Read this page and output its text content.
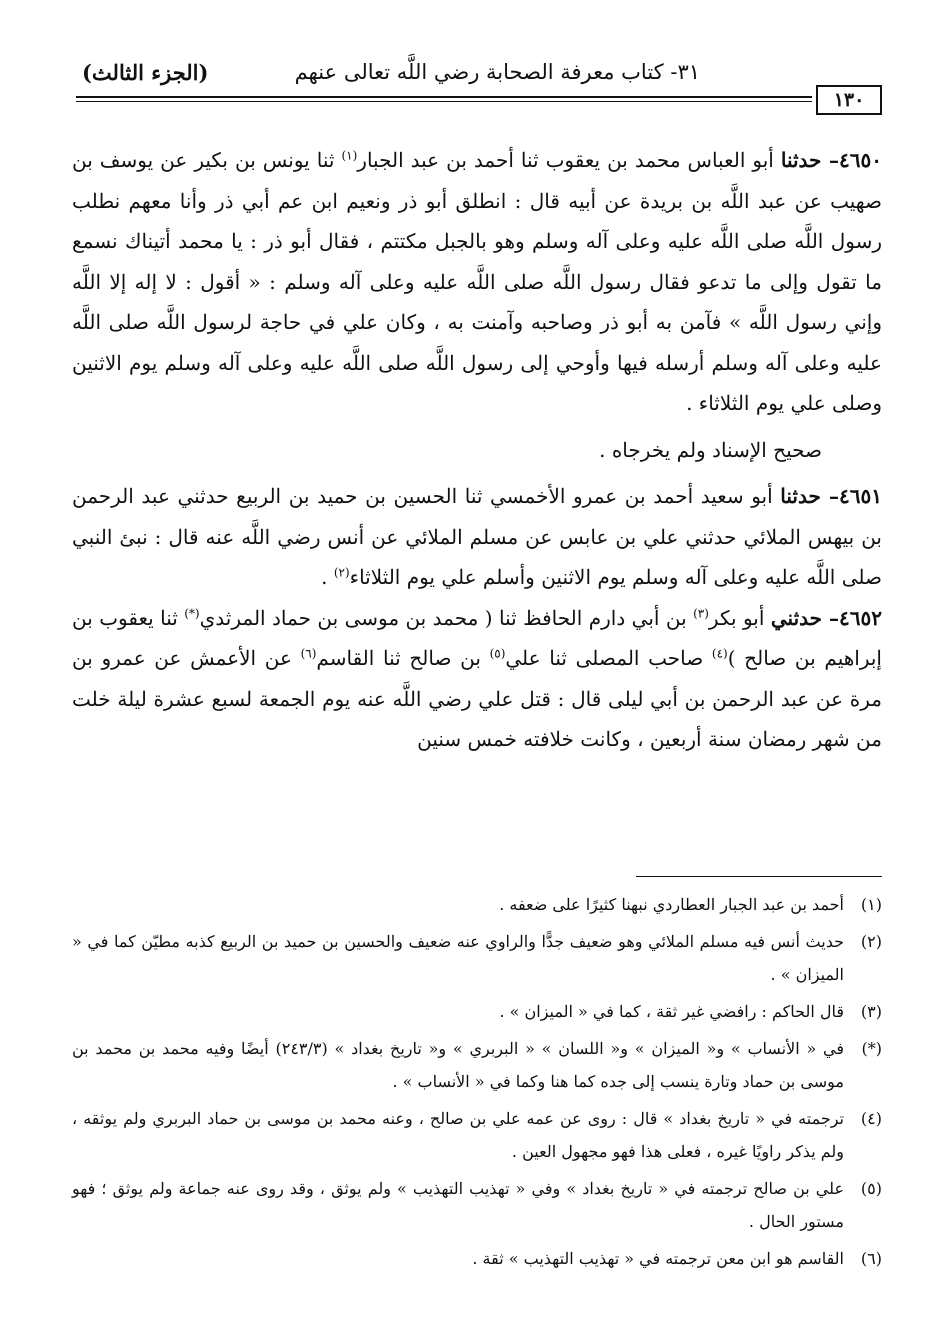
٣١- كتاب معرفة الصحابة رضي اللَّه تعالى عنهم
(الجزء الثالث)
١٣٠

٤٦٥٠– حدثنا أبو العباس محمد بن يعقوب ثنا أحمد بن عبد الجبار$^{(١)}$ ثنا يونس بن بكير عن يوسف بن صهيب عن عبد اللَّه بن بريدة عن أبيه قال : انطلق أبو ذر ونعيم ابن عم أبي ذر وأنا معهم نطلب رسول اللَّه صلى اللَّه عليه وعلى آله وسلم وهو بالجبل مكتتم ، فقال أبو ذر : يا محمد أتيناك نسمع ما تقول وإلى ما تدعو فقال رسول اللَّه صلى اللَّه عليه وعلى آله وسلم : « أقول : لا إله إلا اللَّه وإني رسول اللَّه » فآمن به أبو ذر وصاحبه وآمنت به ، وكان علي في حاجة لرسول اللَّه صلى اللَّه عليه وعلى آله وسلم أرسله فيها وأوحي إلى رسول اللَّه صلى اللَّه عليه وعلى آله وسلم يوم الاثنين وصلى علي يوم الثلاثاء .

صحيح الإسناد ولم يخرجاه .

٤٦٥١– حدثنا أبو سعيد أحمد بن عمرو الأخمسي ثنا الحسين بن حميد بن الربيع حدثني عبد الرحمن بن بيهس الملائي حدثني علي بن عابس عن مسلم الملائي عن أنس رضي اللَّه عنه قال : نبئ النبي صلى اللَّه عليه وعلى آله وسلم يوم الاثنين وأسلم علي يوم الثلاثاء$^{(٢)}$ .

٤٦٥٢– حدثني أبو بكر$^{(٣)}$ بن أبي دارم الحافظ ثنا ( محمد بن موسى بن حماد المرثدي(*) ثنا يعقوب بن إبراهيم بن صالح )$^{(٤)}$ صاحب المصلى ثنا علي$^{(٥)}$ بن صالح ثنا القاسم$^{(٦)}$ عن الأعمش عن عمرو بن مرة عن عبد الرحمن بن أبي ليلى قال : قتل علي رضي اللَّه عنه يوم الجمعة لسبع عشرة ليلة خلت من شهر رمضان سنة أربعين ، وكانت خلافته خمس سنين

(١)
أحمد بن عبد الجبار العطاردي نبهنا كثيرًا على ضعفه .
(٢)
حديث أنس فيه مسلم الملائي وهو ضعيف جدًّا والراوي عنه ضعيف والحسين بن حميد بن الربيع كذبه مطيّن كما في « الميزان » .
(٣)
قال الحاكم : رافضي غير ثقة ، كما في « الميزان » .
(*)
في « الأنساب » و« الميزان » و« اللسان » « البربري » و« تاريخ بغداد » (٢٤٣/٣) أيضًا وفيه محمد بن محمد بن موسى بن حماد وتارة ينسب إلى جده كما هنا وكما في « الأنساب » .
(٤)
ترجمته في « تاريخ بغداد » قال : روى عن عمه علي بن صالح ، وعنه محمد بن موسى بن حماد البربري ولم يوثقه ، ولم يذكر راويًا غيره ، فعلى هذا فهو مجهول العين .
(٥)
علي بن صالح ترجمته في « تاريخ بغداد » وفي « تهذيب التهذيب » ولم يوثق ، وقد روى عنه جماعة ولم يوثق ؛ فهو مستور الحال .
(٦)
القاسم هو ابن معن ترجمته في « تهذيب التهذيب » ثقة .
